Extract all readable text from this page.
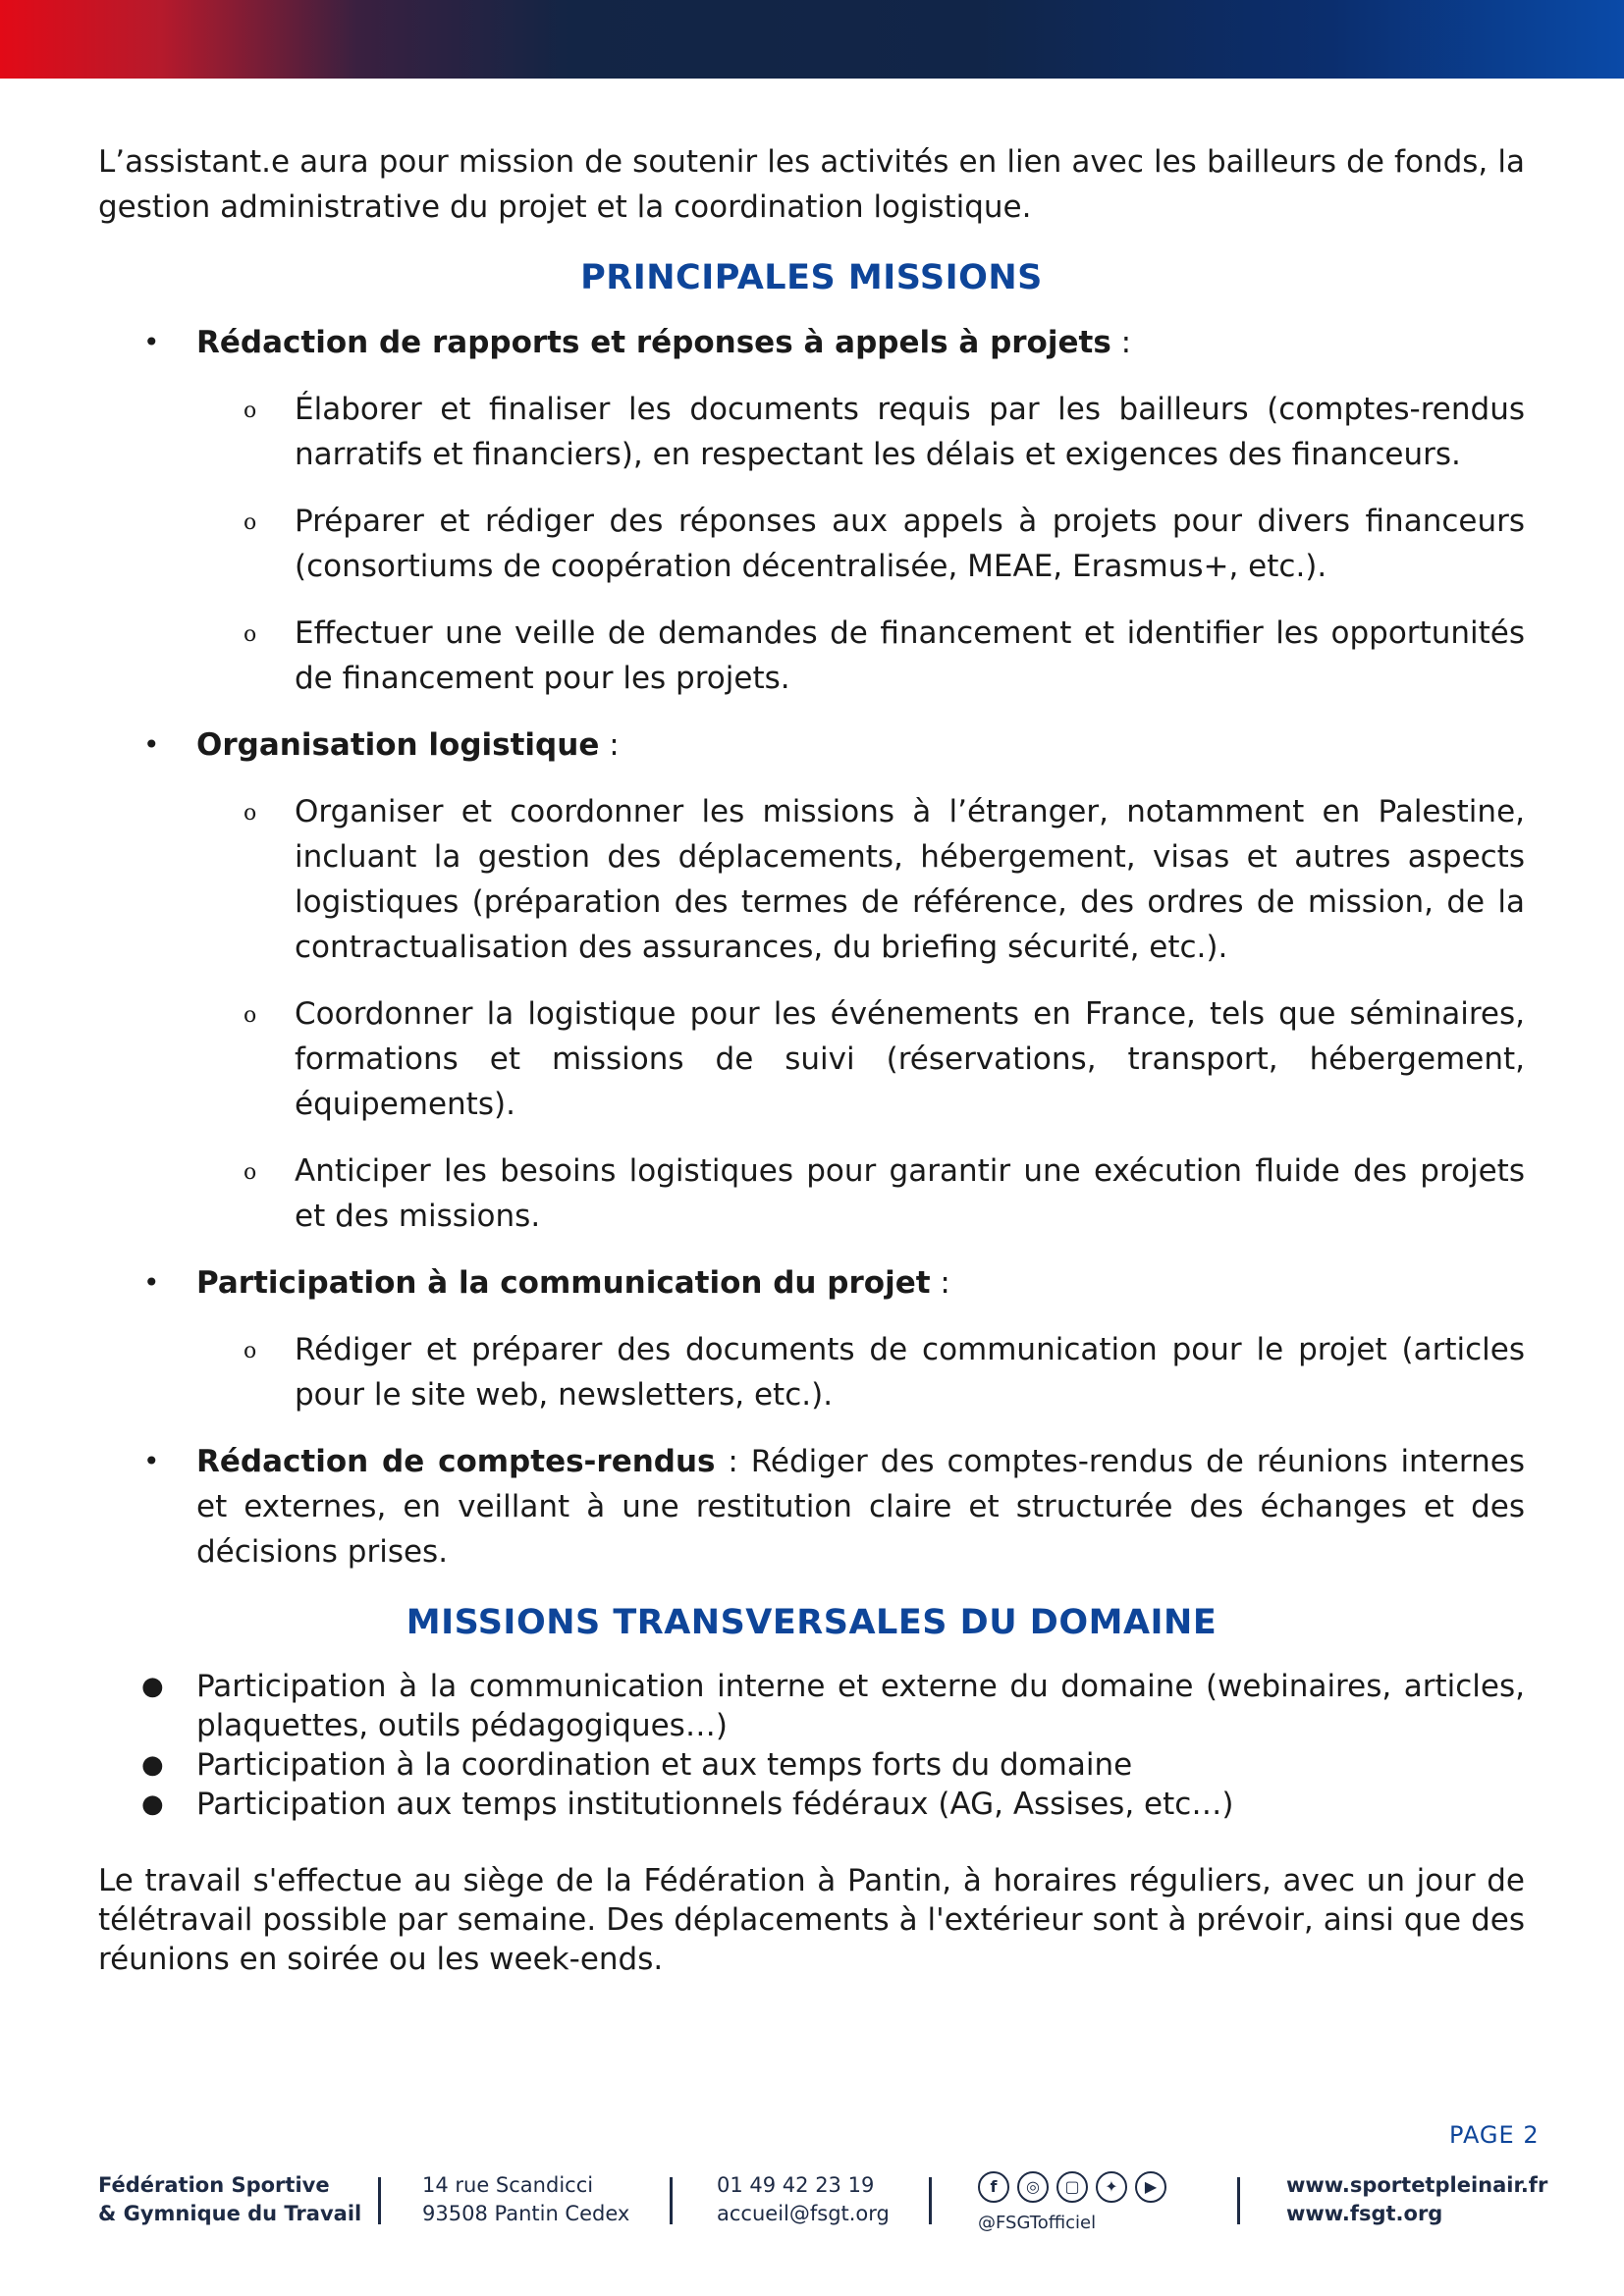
L’assistant.e aura pour mission de soutenir les activités en lien avec les bailleurs de fonds, la gestion administrative du projet et la coordination logistique.

PRINCIPALES MISSIONS

• Rédaction de rapports et réponses à appels à projets :

o Élaborer et finaliser les documents requis par les bailleurs (comptes-rendus narratifs et financiers), en respectant les délais et exigences des financeurs.

o Préparer et rédiger des réponses aux appels à projets pour divers financeurs (consortiums de coopération décentralisée, MEAE, Erasmus+, etc.).

o Effectuer une veille de demandes de financement et identifier les opportunités de financement pour les projets.

• Organisation logistique :

o Organiser et coordonner les missions à l’étranger, notamment en Palestine, incluant la gestion des déplacements, hébergement, visas et autres aspects logistiques (préparation des termes de référence, des ordres de mission, de la contractualisation des assurances, du briefing sécurité, etc.).

o Coordonner la logistique pour les événements en France, tels que séminaires, formations et missions de suivi (réservations, transport, hébergement, équipements).

o Anticiper les besoins logistiques pour garantir une exécution fluide des projets et des missions.

• Participation à la communication du projet :

o Rédiger et préparer des documents de communication pour le projet (articles pour le site web, newsletters, etc.).

• Rédaction de comptes-rendus : Rédiger des comptes-rendus de réunions internes et externes, en veillant à une restitution claire et structurée des échanges et des décisions prises.

MISSIONS TRANSVERSALES DU DOMAINE
● Participation à la communication interne et externe du domaine (webinaires, articles, plaquettes, outils pédagogiques…)
● Participation à la coordination et aux temps forts du domaine
● Participation aux temps institutionnels fédéraux (AG, Assises, etc…)

Le travail s'effectue au siège de la Fédération à Pantin, à horaires réguliers, avec un jour de télétravail possible par semaine. Des déplacements à l'extérieur sont à prévoir, ainsi que des réunions en soirée ou les week-ends.

PAGE 2
Fédération Sportive
& Gymnique du Travail
14 rue Scandicci
93508 Pantin Cedex
01 49 42 23 19
accueil@fsgt.org
f	◎	▢	✦	▶
@FSGTofficiel
www.sportetpleinair.fr
www.fsgt.org
